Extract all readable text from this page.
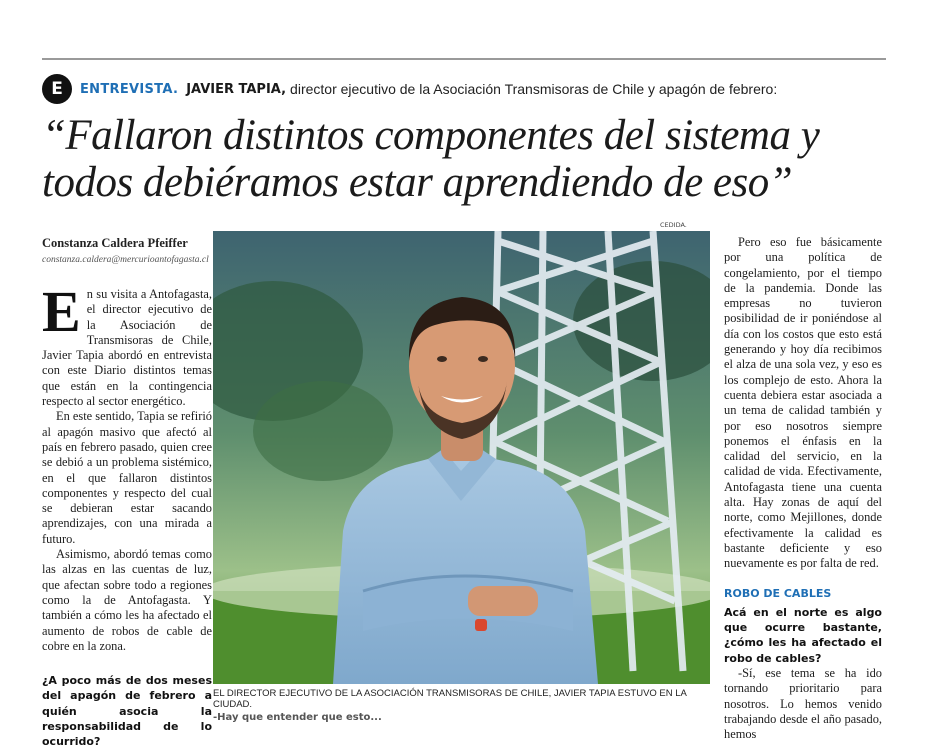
E	ENTREVISTA. JAVIER TAPIA, director ejecutivo de la Asociación Transmisoras de Chile y apagón de febrero:
“Fallaron distintos componentes del sistema y
todos debiéramos estar aprendiendo de eso”
Constanza Caldera Pfeiffer
constanza.caldera@mercurioantofagasta.cl

En su visita a Antofagasta, el director ejecutivo de la Asociación de Transmisoras de Chile, Javier Tapia abordó en entrevista con este Diario distintos temas que están en la contingencia respecto al sector energético.

En este sentido, Tapia se refirió al apagón masivo que afectó al país en febrero pasado, quien cree se debió a un problema sistémico, en el que fallaron distintos componentes y respecto del cual se debieran estar sacando aprendizajes, con una mirada a futuro.

Asimismo, abordó temas como las alzas en las cuentas de luz, que afectan sobre todo a regiones como la de Antofagasta. Y también a cómo les ha afectado el aumento de robos de cable de cobre en la zona.

¿A poco más de dos meses del apagón de febrero a quién asocia la responsabilidad de lo ocurrido?

CEDIDA.
EL DIRECTOR EJECUTIVO DE LA ASOCIACIÓN TRANSMISORAS DE CHILE, JAVIER TAPIA ESTUVO EN LA CIUDAD.
-Hay que entender que esto...

Pero eso fue básicamente por una política de congelamiento, por el tiempo de la pandemia. Donde las empresas no tuvieron posibilidad de ir poniéndose al día con los costos que esto está generando y hoy día recibimos el alza de una sola vez, y eso es los complejo de esto. Ahora la cuenta debiera estar asociada a un tema de calidad también y por eso nosotros siempre ponemos el énfasis en la calidad del servicio, en la calidad de vida. Efectivamente, Antofagasta tiene una cuenta alta. Hay zonas de aquí del norte, como Mejillones, donde efectivamente la calidad es bastante deficiente y eso nuevamente es por falta de red.

ROBO DE CABLES

Acá en el norte es algo que ocurre bastante, ¿cómo les ha afectado el robo de cables?

-Sí, ese tema se ha ido tornando prioritario para nosotros. Lo hemos venido trabajando desde el año pasado, hemos
